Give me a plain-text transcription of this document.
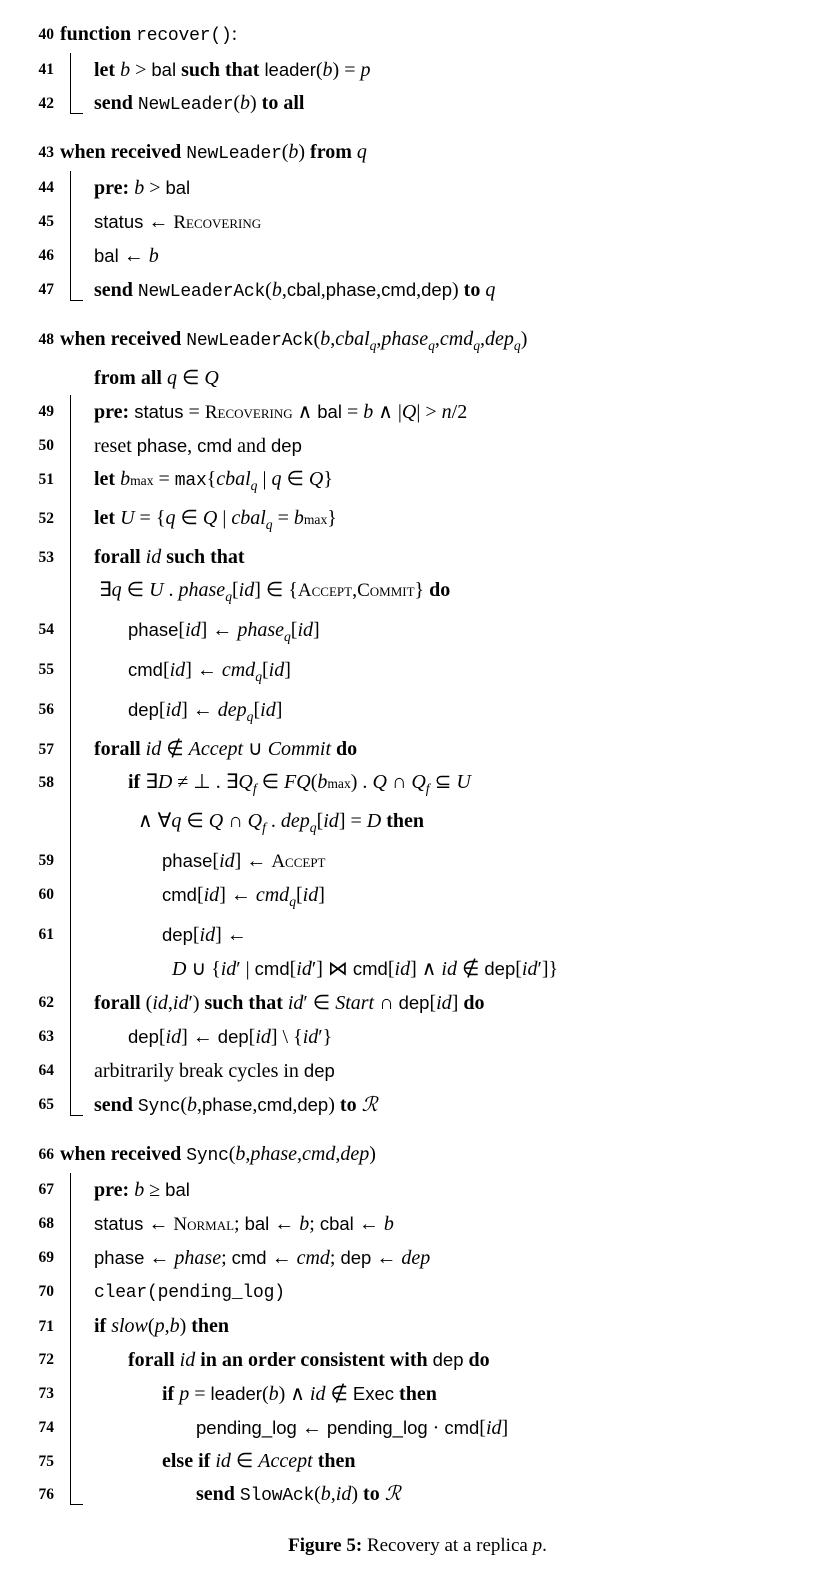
40 function recover():
41	let b > bal such that leader(b) = p
42	send NewLeader(b) to all
43 when received NewLeader(b) from q
44	pre: b > bal
45	status ← Recovering
46	bal ← b
47	send NewLeaderAck(b,cbal,phase,cmd,dep) to q
48 when received NewLeaderAck(b,cbal$_q$,phase$_q$,cmd$_q$,dep$_q$)
from all q ∈ Q
49	pre: status = Recovering ∧ bal = b ∧ |Q| > n/2
50	reset phase, cmd and dep
51	let bmax = max{cbal$_q$ | q ∈ Q}
52	let U = {q ∈ Q | cbal$_q$ = bmax}
53	forall id such that
∃q ∈ U . phase$_q$[id] ∈ {Accept,Commit} do
54	phase[id] ← phase$_q$[id]
55	cmd[id] ← cmd$_q$[id]
56	dep[id] ← dep$_q$[id]
57	forall id ∉ Accept ∪ Commit do
58	if ∃D ≠ ⊥ . $\exists Q_f$ ∈ FQ(bmax) . Q ∩ $Q_f$ ⊆ U
∧ ∀q ∈ Q ∩ $Q_f$ . dep$_q$[id] = D then
59	phase[id] ← Accept
60	cmd[id] ← cmd$_q$[id]
61	dep[id] ←
D ∪ {id′ | cmd[id′] ⋈ cmd[id] ∧ id ∉ dep[id′]}
62	forall (id,id′) such that id′ ∈ Start ∩ dep[id] do
63	dep[id] ← dep[id] \ {id′}
64	arbitrarily break cycles in dep
65	send Sync(b,phase,cmd,dep) to ℛ
66 when received Sync(b,phase,cmd,dep)
67	pre: b ≥ bal
68	status ← Normal; bal ← b; cbal ← b
69	phase ← phase; cmd ← cmd; dep ← dep
70	clear(pending_log)
71	if slow(p,b) then
72	forall id in an order consistent with dep do
73	if p = leader(b) ∧ id ∉ Exec then
74	pending_log ← pending_log · cmd[id]
75	else if id ∈ Accept then
76	send SlowAck(b,id) to ℛ
Figure 5: Recovery at a replica p.
